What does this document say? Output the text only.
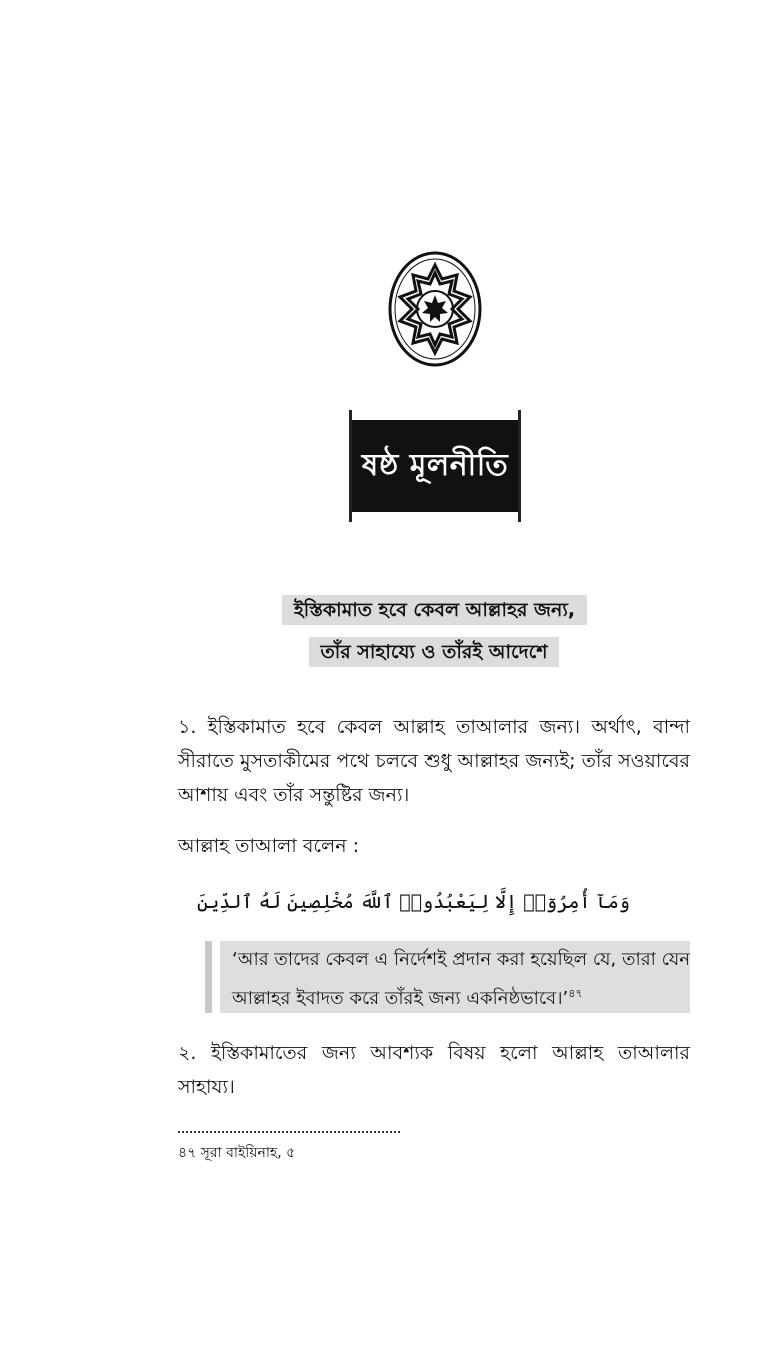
ষষ্ঠ মূলনীতি
ইস্তিকামাত হবে কেবল আল্লাহর জন্য,
তাঁর সাহায্যে ও তাঁরই আদেশে
১. ইস্তিকামাত হবে কেবল আল্লাহ তাআলার জন্য। অর্থাৎ, বান্দা সীরাতে মুসতাকীমের পথে চলবে শুধু আল্লাহর জন্যই; তাঁর সওয়াবের আশায় এবং তাঁর সন্তুষ্টির জন্য।
আল্লাহ তাআলা বলেন :
وَمَآ أُمِرُوٓا۟ إِلَّا لِيَعْبُدُوا۟ ٱللَّهَ مُخْلِصِينَ لَهُ ٱلدِّينَ
‘আর তাদের কেবল এ নির্দেশই প্রদান করা হয়েছিল যে, তারা যেন আল্লাহর ইবাদত করে তাঁরই জন্য একনিষ্ঠভাবে।’$^{৪৭}$
২. ইস্তিকামাতের জন্য আবশ্যক বিষয় হলো আল্লাহ তাআলার সাহায্য।
৪৭ সূরা বাইয়িনাহ, ৫
